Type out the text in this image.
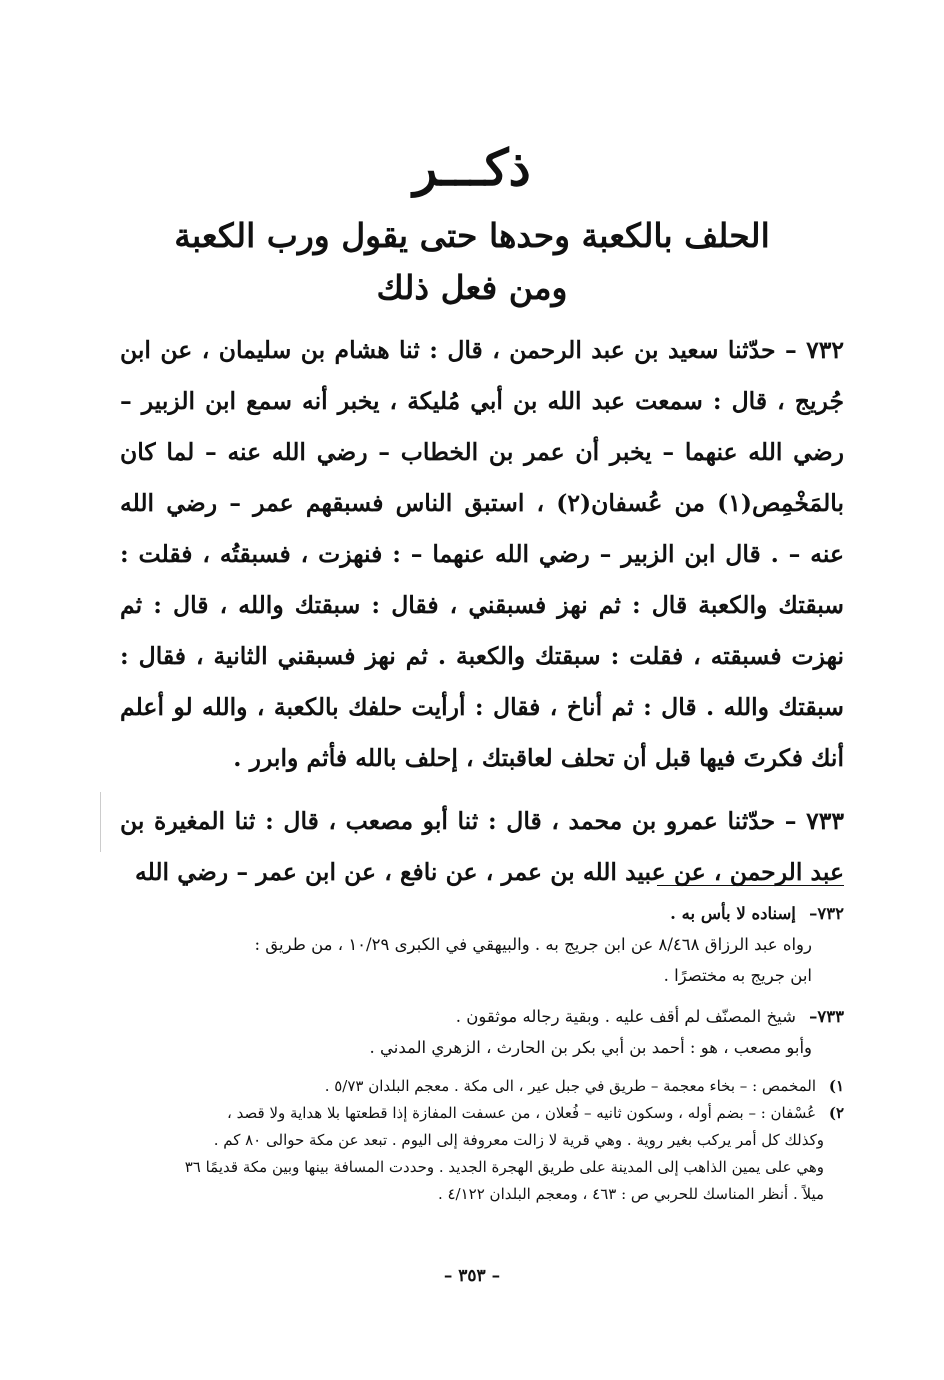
ذكـــر
الحلف بالكعبة وحدها حتى يقول ورب الكعبة ومن فعل ذلك

٧٣٢ – حدّثنا سعيد بن عبد الرحمن ، قال : ثنا هشام بن سليمان ، عن ابن جُريج ، قال : سمعت عبد الله بن أبي مُليكة ، يخبر أنه سمع ابن الزبير – رضي الله عنهما – يخبر أن عمر بن الخطاب – رضي الله عنه – لما كان بالمَخْمِص(١) من عُسفان(٢) ، استبق الناس فسبقهم عمر – رضي الله عنه – . قال ابن الزبير – رضي الله عنهما – : فنهزت ، فسبقتُه ، فقلت : سبقتك والكعبة قال : ثم نهز فسبقني ، فقال : سبقتك والله ، قال : ثم نهزت فسبقته ، فقلت : سبقتك والكعبة . ثم نهز فسبقني الثانية ، فقال : سبقتك والله . قال : ثم أناخ ، فقال : أرأيت حلفك بالكعبة ، والله لو أعلم أنك فكرتَ فيها قبل أن تحلف لعاقبتك ، إحلف بالله فأثم وابرر .

٧٣٣ – حدّثنا عمرو بن محمد ، قال : ثنا أبو مصعب ، قال : ثنا المغيرة بن عبد الرحمن ، عن عبيد الله بن عمر ، عن نافع ، عن ابن عمر – رضي الله

٧٣٢– إسناده لا بأس به .

رواه عبد الرزاق ٨/٤٦٨ عن ابن جريج به . والبيهقي في الكبرى ١٠/٢٩ ، من طريق :

ابن جريج به مختصرًا .

٧٣٣– شيخ المصنّف لم أقف عليه . وبقية رجاله موثقون .

وأبو مصعب ، هو : أحمد بن أبي بكر بن الحارث ، الزهري المدني .

١) المخمص : – بخاء معجمة – طريق في جبل عير ، الى مكة . معجم البلدان ٥/٧٣ .

٢) عُسْفان : – بضم أوله ، وسكون ثانيه – فُعلان ، من عسفت المفازة إذا قطعتها بلا هداية ولا قصد ،

وكذلك كل أمر يركب بغير روية . وهي قرية لا زالت معروفة إلى اليوم . تبعد عن مكة حوالى ٨٠ كم .

وهي على يمين الذاهب إلى المدينة على طريق الهجرة الجديد . وحددت المسافة بينها وبين مكة قديمًا ٣٦

ميلاً . أنظر المناسك للحربي ص : ٤٦٣ ، ومعجم البلدان ٤/١٢٢ .

– ٣٥٣ –
